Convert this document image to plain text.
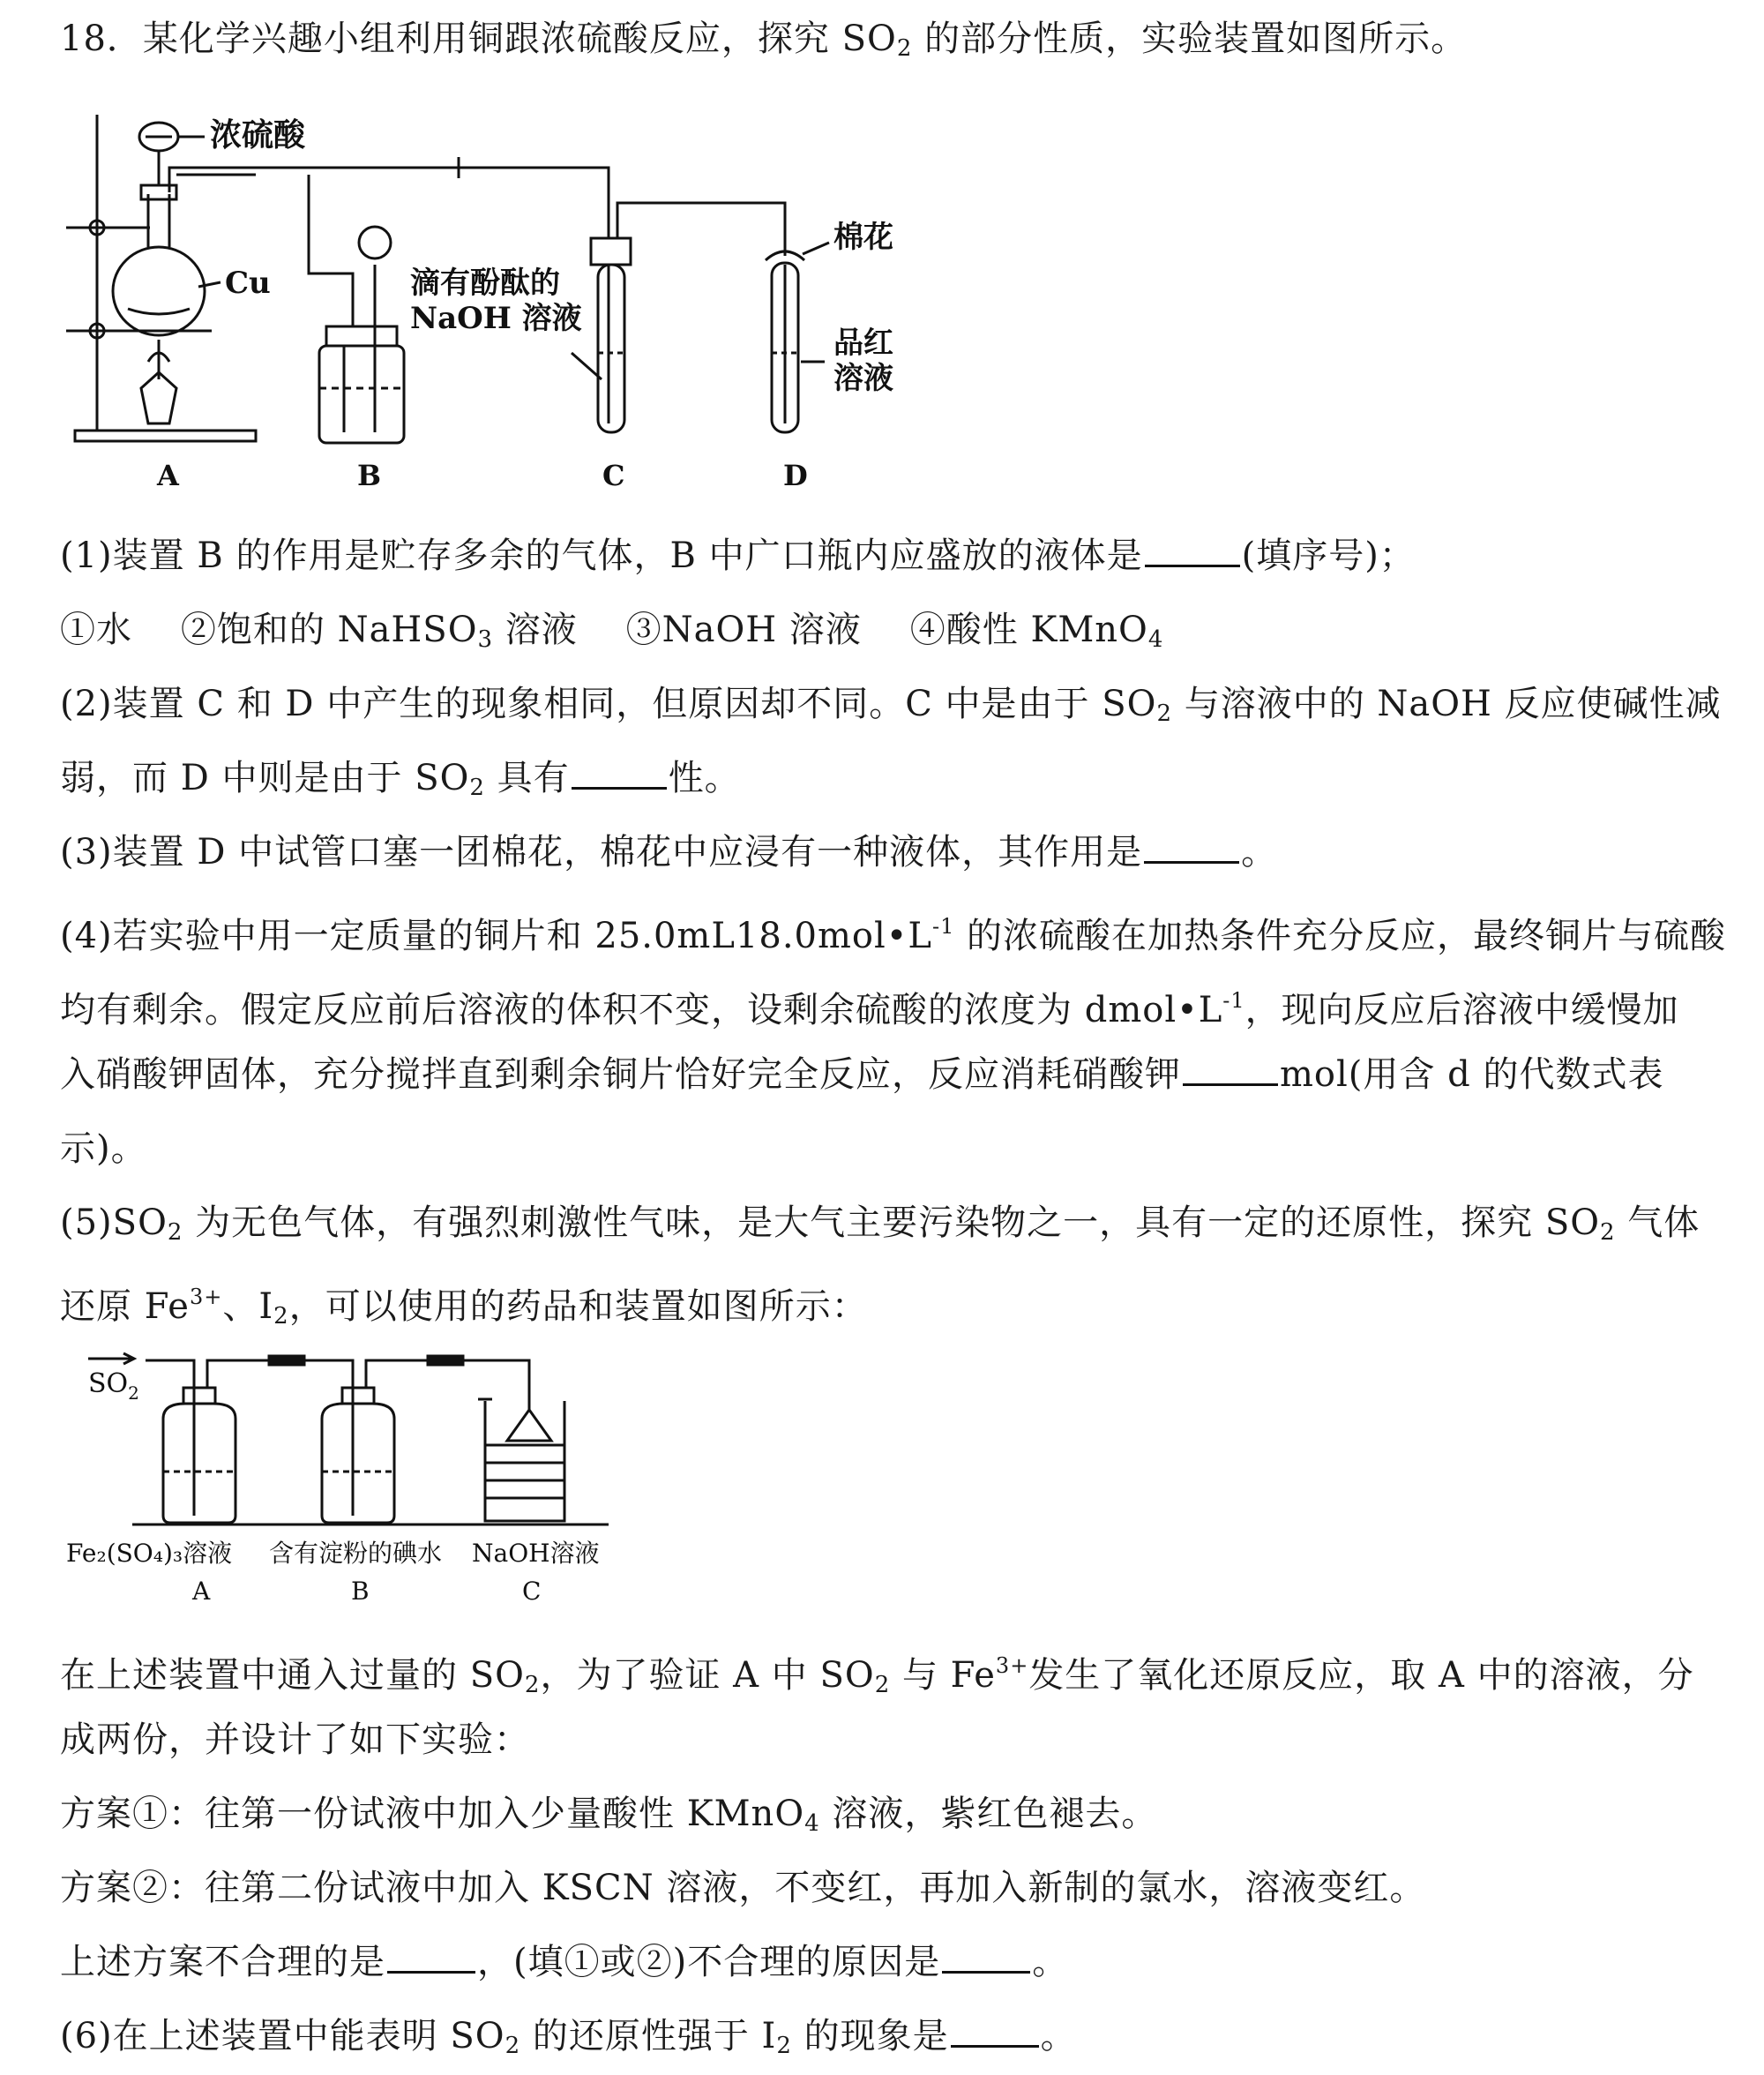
18．某化学兴趣小组利用铜跟浓硫酸反应，探究 $SO_2$ 的部分性质，实验装置如图所示。
浓硫酸
Cu	滴有酚酞的
NaOH 溶液
棉花
品红
溶液
A	B	C	D
(1)装置 B 的作用是贮存多余的气体，B 中广口瓶内应盛放的液体是	(填序号)；
①水 ②饱和的 NaHSO$_3$ 溶液 ③NaOH 溶液 ④酸性 KMnO$_4$
(2)装置 C 和 D 中产生的现象相同，但原因却不同。C 中是由于 $SO_2$ 与溶液中的 NaOH 反应使碱性减
弱，而 D 中则是由于 $SO_2$ 具有	性。
(3)装置 D 中试管口塞一团棉花，棉花中应浸有一种液体，其作用是	。
(4)若实验中用一定质量的铜片和 $25.0mL18.0mol•L^{-1}$ 的浓硫酸在加热条件充分反应，最终铜片与硫酸
均有剩余。假定反应前后溶液的体积不变，设剩余硫酸的浓度为 $dmol•L^{-1}$，现向反应后溶液中缓慢加
入硝酸钾固体，充分搅拌直到剩余铜片恰好完全反应，反应消耗硝酸钾	mol(用含 d 的代数式表
示)。
$(5)SO_2$ 为无色气体，有强烈刺激性气味，是大气主要污染物之一，具有一定的还原性，探究 $SO_2$ 气体
还原 $Fe^{3+}$、$I_2$，可以使用的药品和装置如图所示：
$SO_2$
Fe₂(SO₄)₃溶液 含有淀粉的碘水 NaOH溶液
A	B	C
在上述装置中通入过量的 $SO_2$，为了验证 A 中 $SO_2$ 与 $Fe^{3+}$发生了氧化还原反应，取 A 中的溶液，分
成两份，并设计了如下实验：
方案①：往第一份试液中加入少量酸性 KMnO$_4$ 溶液，紫红色褪去。
方案②：往第二份试液中加入 KSCN 溶液，不变红，再加入新制的氯水，溶液变红。
上述方案不合理的是	，(填①或②)不合理的原因是	。
(6)在上述装置中能表明 $SO_2$ 的还原性强于 $I_2$ 的现象是	。
